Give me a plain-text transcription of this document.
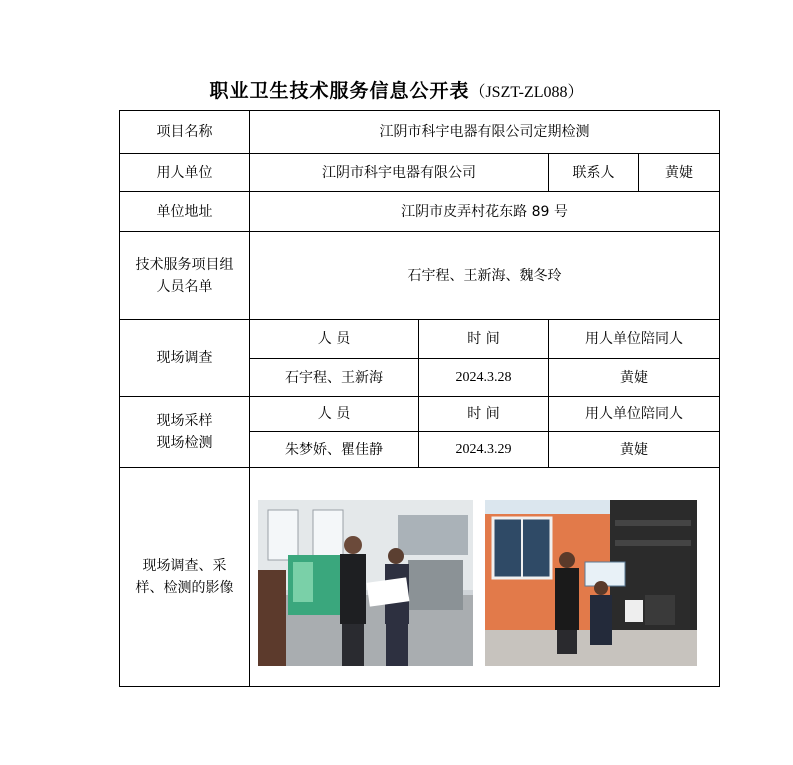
职业卫生技术服务信息公开表（JSZT-ZL088）
项目名称	江阴市科宇电器有限公司定期检测			
用人单位	江阴市科宇电器有限公司		联系人	黄婕
单位地址	江阴市皮弄村花东路 89 号			

技术服务项目组人员名单	石宇程、王新海、魏冬玲			
现场调查	人 员	时 间	用人单位陪同人	
	石宇程、王新海	2024.3.28	黄婕	

现场采样现场检测	人 员	时 间	用人单位陪同人	
	朱梦娇、瞿佳静	2024.3.29	黄婕	

现场调查、采样、检测的影像
